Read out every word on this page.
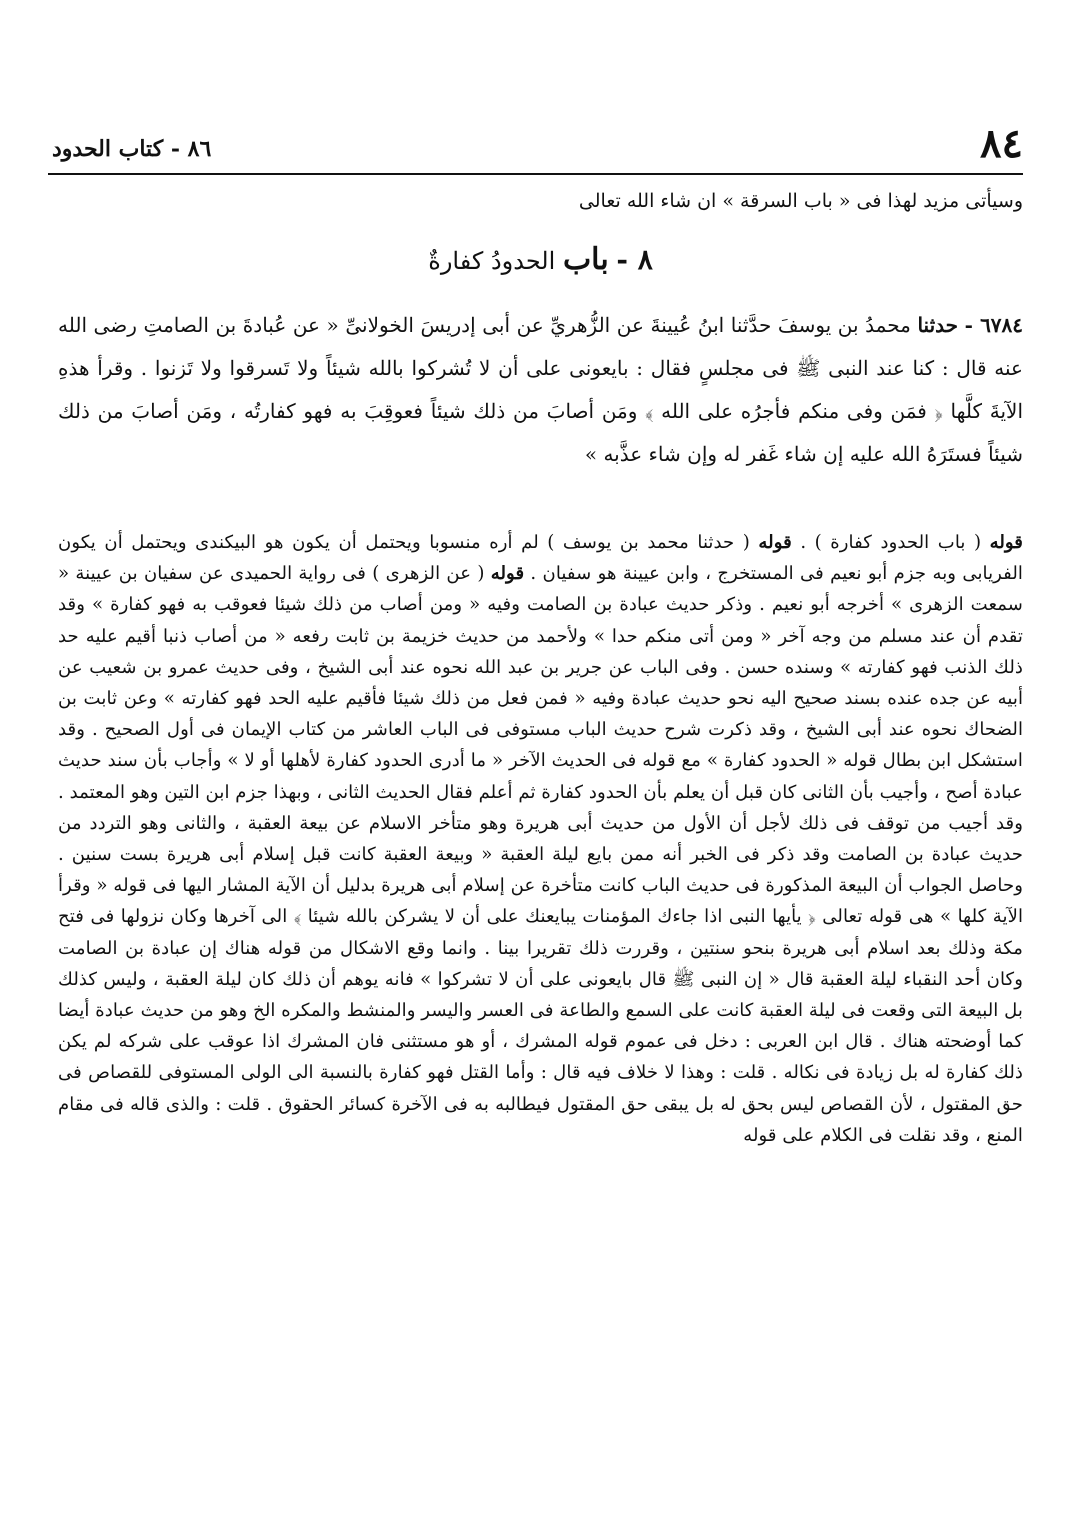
٨٤
٨٦ - كتاب الحدود
وسيأتى مزيد لهذا فى « باب السرقة » ان شاء الله تعالى
٨ - باب الحدودُ كفارةٌ
٦٧٨٤ - حدثنا محمدُ بن يوسفَ حدَّثنا ابنُ عُيينةَ عن الزُّهريِّ عن أبى إدريسَ الخولانىِّ « عن عُبادةَ بن الصامتِ رضى الله عنه قال : كنا عند النبى ﷺ فى مجلسٍ فقال : بايعونى على أن لا تُشركوا بالله شيئاً ولا تَسرقوا ولا تَزنوا . وقرأ هذهِ الآيةَ كلَّها ﴿ فمَن وفى منكم فأجرُه على الله ﴾ ومَن أصابَ من ذلك شيئاً فعوقِبَ به فهو كفارتُه ، ومَن أصابَ من ذلك شيئاً فستَرَهُ الله عليه إن شاء غَفر له وإن شاء عذَّبه »
قوله ( باب الحدود كفارة ) . قوله ( حدثنا محمد بن يوسف ) لم أره منسوبا ويحتمل أن يكون هو البيكندى ويحتمل أن يكون الفريابى وبه جزم أبو نعيم فى المستخرج ، وابن عيينة هو سفيان . قوله ( عن الزهرى ) فى رواية الحميدى عن سفيان بن عيينة « سمعت الزهرى » أخرجه أبو نعيم . وذكر حديث عبادة بن الصامت وفيه « ومن أصاب من ذلك شيئا فعوقب به فهو كفارة » وقد تقدم أن عند مسلم من وجه آخر « ومن أتى منكم حدا » ولأحمد من حديث خزيمة بن ثابت رفعه « من أصاب ذنبا أقيم عليه حد ذلك الذنب فهو كفارته » وسنده حسن . وفى الباب عن جرير بن عبد الله نحوه عند أبى الشيخ ، وفى حديث عمرو بن شعيب عن أبيه عن جده عنده بسند صحيح اليه نحو حديث عبادة وفيه « فمن فعل من ذلك شيئا فأقيم عليه الحد فهو كفارته » وعن ثابت بن الضحاك نحوه عند أبى الشيخ ، وقد ذكرت شرح حديث الباب مستوفى فى الباب العاشر من كتاب الإيمان فى أول الصحيح . وقد استشكل ابن بطال قوله « الحدود كفارة » مع قوله فى الحديث الآخر « ما أدرى الحدود كفارة لأهلها أو لا » وأجاب بأن سند حديث عبادة أصح ، وأجيب بأن الثانى كان قبل أن يعلم بأن الحدود كفارة ثم أعلم فقال الحديث الثانى ، وبهذا جزم ابن التين وهو المعتمد . وقد أجيب من توقف فى ذلك لأجل أن الأول من حديث أبى هريرة وهو متأخر الاسلام عن بيعة العقبة ، والثانى وهو التردد من حديث عبادة بن الصامت وقد ذكر فى الخبر أنه ممن بايع ليلة العقبة « وبيعة العقبة كانت قبل إسلام أبى هريرة بست سنين . وحاصل الجواب أن البيعة المذكورة فى حديث الباب كانت متأخرة عن إسلام أبى هريرة بدليل أن الآية المشار اليها فى قوله « وقرأ الآية كلها » هى قوله تعالى ﴿ يأيها النبى اذا جاءك المؤمنات يبايعنك على أن لا يشركن بالله شيئا ﴾ الى آخرها وكان نزولها فى فتح مكة وذلك بعد اسلام أبى هريرة بنحو سنتين ، وقررت ذلك تقريرا بينا . وانما وقع الاشكال من قوله هناك إن عبادة بن الصامت وكان أحد النقباء ليلة العقبة قال « إن النبى ﷺ قال بايعونى على أن لا تشركوا » فانه يوهم أن ذلك كان ليلة العقبة ، وليس كذلك بل البيعة التى وقعت فى ليلة العقبة كانت على السمع والطاعة فى العسر واليسر والمنشط والمكره الخ وهو من حديث عبادة أيضا كما أوضحته هناك . قال ابن العربى : دخل فى عموم قوله المشرك ، أو هو مستثنى فان المشرك اذا عوقب على شركه لم يكن ذلك كفارة له بل زيادة فى نكاله . قلت : وهذا لا خلاف فيه قال : وأما القتل فهو كفارة بالنسبة الى الولى المستوفى للقصاص فى حق المقتول ، لأن القصاص ليس بحق له بل يبقى حق المقتول فيطالبه به فى الآخرة كسائر الحقوق . قلت : والذى قاله فى مقام المنع ، وقد نقلت فى الكلام على قوله
